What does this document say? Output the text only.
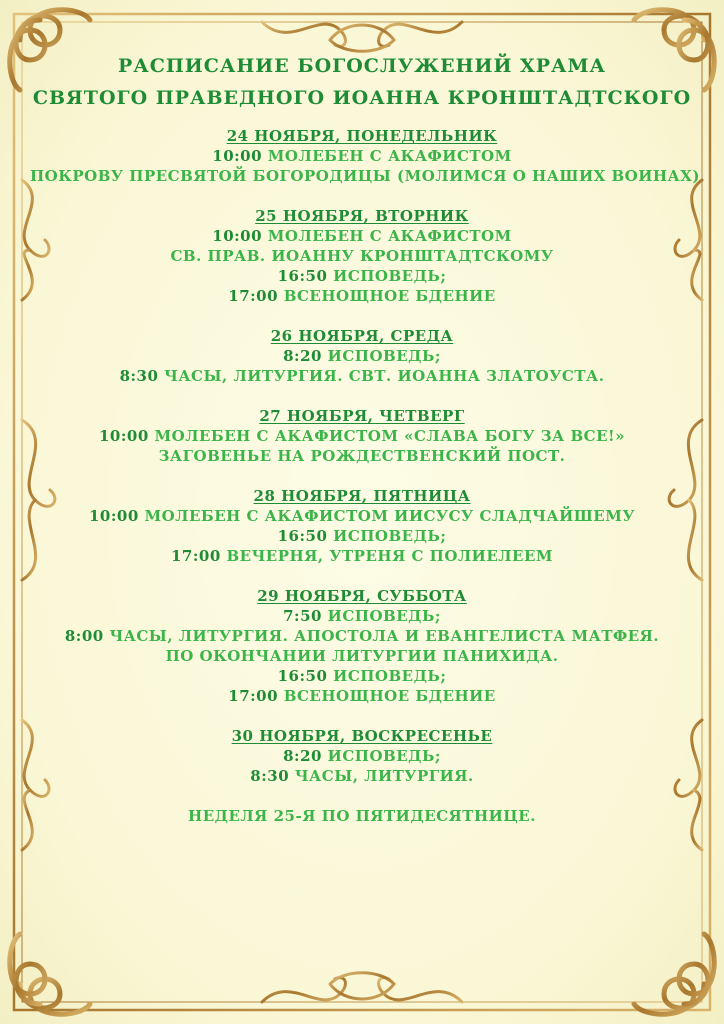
РАСПИСАНИЕ БОГОСЛУЖЕНИЙ ХРАМА
СВЯТОГО ПРАВЕДНОГО ИОАННА КРОНШТАДТСКОГО
24 НОЯБРЯ, ПОНЕДЕЛЬНИК
10:00 МОЛЕБЕН С АКАФИСТОМ
ПОКРОВУ ПРЕСВЯТОЙ БОГОРОДИЦЫ (МОЛИМСЯ О НАШИХ ВОИНАХ)
25 НОЯБРЯ, ВТОРНИК
10:00 МОЛЕБЕН С АКАФИСТОМ
СВ. ПРАВ. ИОАННУ КРОНШТАДТСКОМУ
16:50 ИСПОВЕДЬ;
17:00 ВСЕНОЩНОЕ БДЕНИЕ
26 НОЯБРЯ, СРЕДА
8:20 ИСПОВЕДЬ;
8:30 ЧАСЫ, ЛИТУРГИЯ. СВТ. ИОАННА ЗЛАТОУСТА.
27 НОЯБРЯ, ЧЕТВЕРГ
10:00 МОЛЕБЕН С АКАФИСТОМ «СЛАВА БОГУ ЗА ВСЕ!»
ЗАГОВЕНЬЕ НА РОЖДЕСТВЕНСКИЙ ПОСТ.
28 НОЯБРЯ, ПЯТНИЦА
10:00 МОЛЕБЕН С АКАФИСТОМ ИИСУСУ СЛАДЧАЙШЕМУ
16:50 ИСПОВЕДЬ;
17:00 ВЕЧЕРНЯ, УТРЕНЯ С ПОЛИЕЛЕЕМ
29 НОЯБРЯ, СУББОТА
7:50 ИСПОВЕДЬ;
8:00 ЧАСЫ, ЛИТУРГИЯ. АПОСТОЛА И ЕВАНГЕЛИСТА МАТФЕЯ.
ПО ОКОНЧАНИИ ЛИТУРГИИ ПАНИХИДА.
16:50 ИСПОВЕДЬ;
17:00 ВСЕНОЩНОЕ БДЕНИЕ
30 НОЯБРЯ, ВОСКРЕСЕНЬЕ
8:20 ИСПОВЕДЬ;
8:30 ЧАСЫ, ЛИТУРГИЯ.
НЕДЕЛЯ 25-Я ПО ПЯТИДЕСЯТНИЦЕ.
